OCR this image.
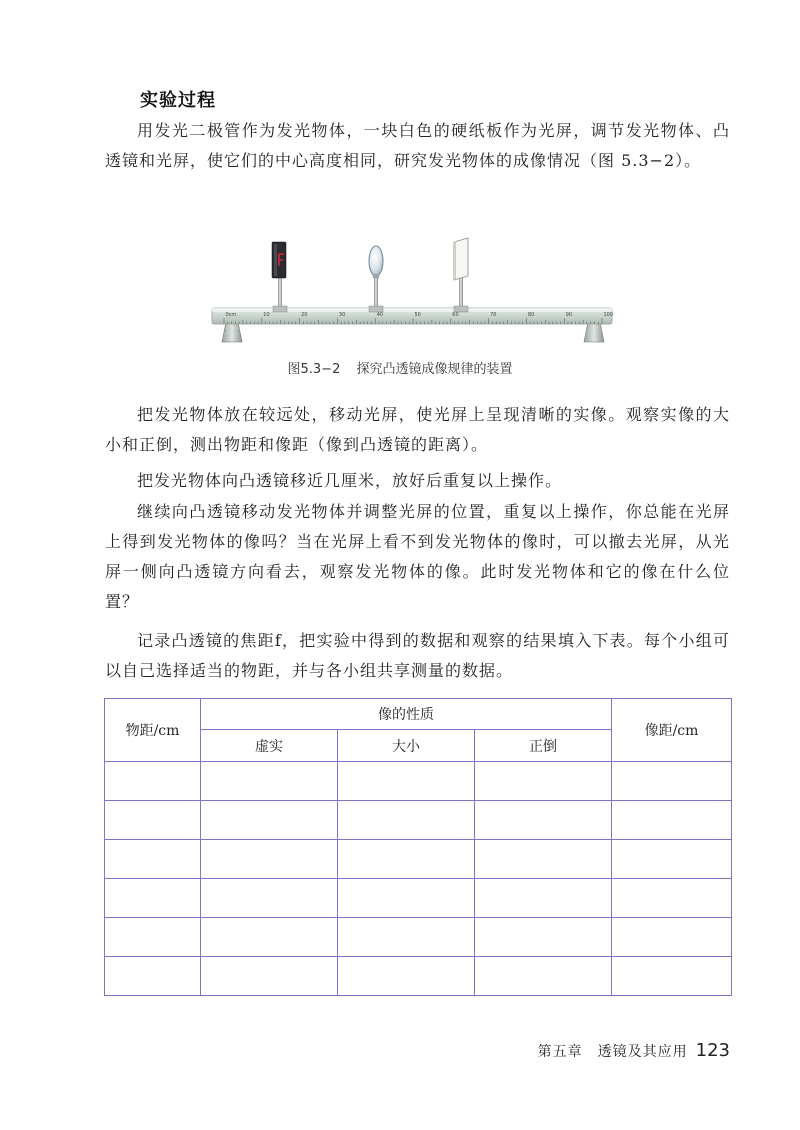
实验过程

用发光二极管作为发光物体，一块白色的硬纸板作为光屏，调节发光物体、凸透镜和光屏，使它们的中心高度相同，研究发光物体的成像情况（图 5.3−2）。

0cm	10	20	30	40	50	60	70	80	90	100
图5.3−2 探究凸透镜成像规律的装置

把发光物体放在较远处，移动光屏，使光屏上呈现清晰的实像。观察实像的大小和正倒，测出物距和像距（像到凸透镜的距离）。

把发光物体向凸透镜移近几厘米，放好后重复以上操作。

继续向凸透镜移动发光物体并调整光屏的位置，重复以上操作，你总能在光屏上得到发光物体的像吗？当在光屏上看不到发光物体的像时，可以撤去光屏，从光屏一侧向凸透镜方向看去，观察发光物体的像。此时发光物体和它的像在什么位置？

记录凸透镜的焦距f，把实验中得到的数据和观察的结果填入下表。每个小组可以自己选择适当的物距，并与各小组共享测量的数据。

物距/cm	像的性质			像距/cm
	虚实	大小	正倒	

第五章　透镜及其应用 123
